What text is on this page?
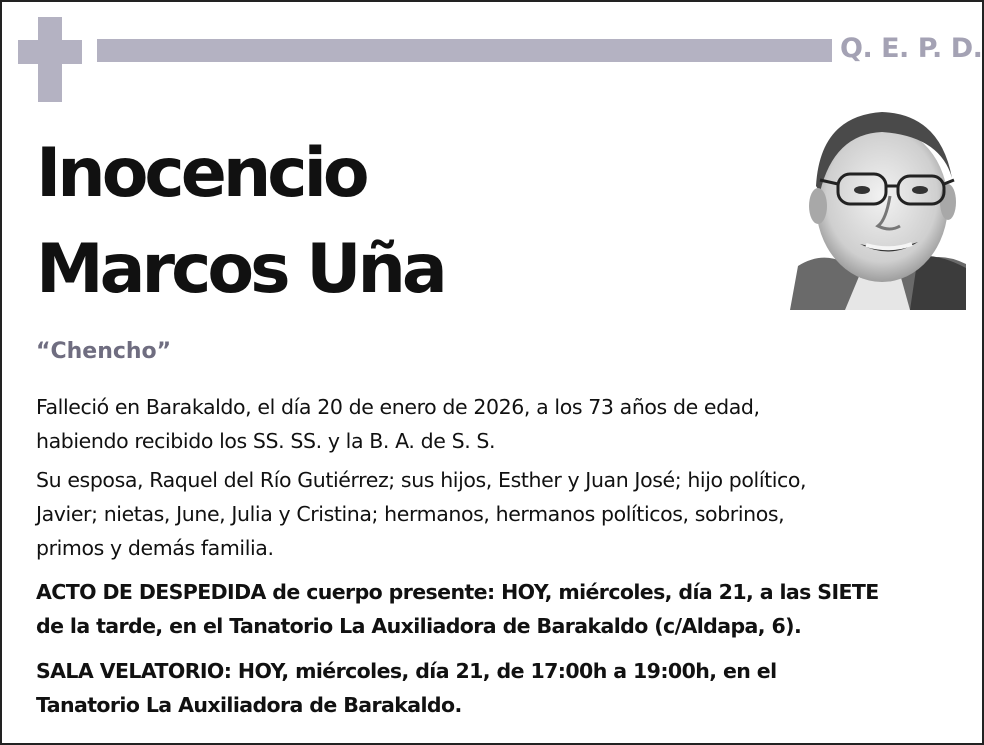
Q. E. P. D.
Inocencio
Marcos Uña
“Chencho”
Falleció en Barakaldo, el día 20 de enero de 2026, a los 73 años de edad,
habiendo recibido los SS. SS. y la B. A. de S. S.
Su esposa, Raquel del Río Gutiérrez; sus hijos, Esther y Juan José; hijo político,
Javier; nietas, June, Julia y Cristina; hermanos, hermanos políticos, sobrinos,
primos y demás familia.
ACTO DE DESPEDIDA de cuerpo presente: HOY, miércoles, día 21, a las SIETE
de la tarde, en el Tanatorio La Auxiliadora de Barakaldo (c/Aldapa, 6).
SALA VELATORIO: HOY, miércoles, día 21, de 17:00h a 19:00h, en el
Tanatorio La Auxiliadora de Barakaldo.
